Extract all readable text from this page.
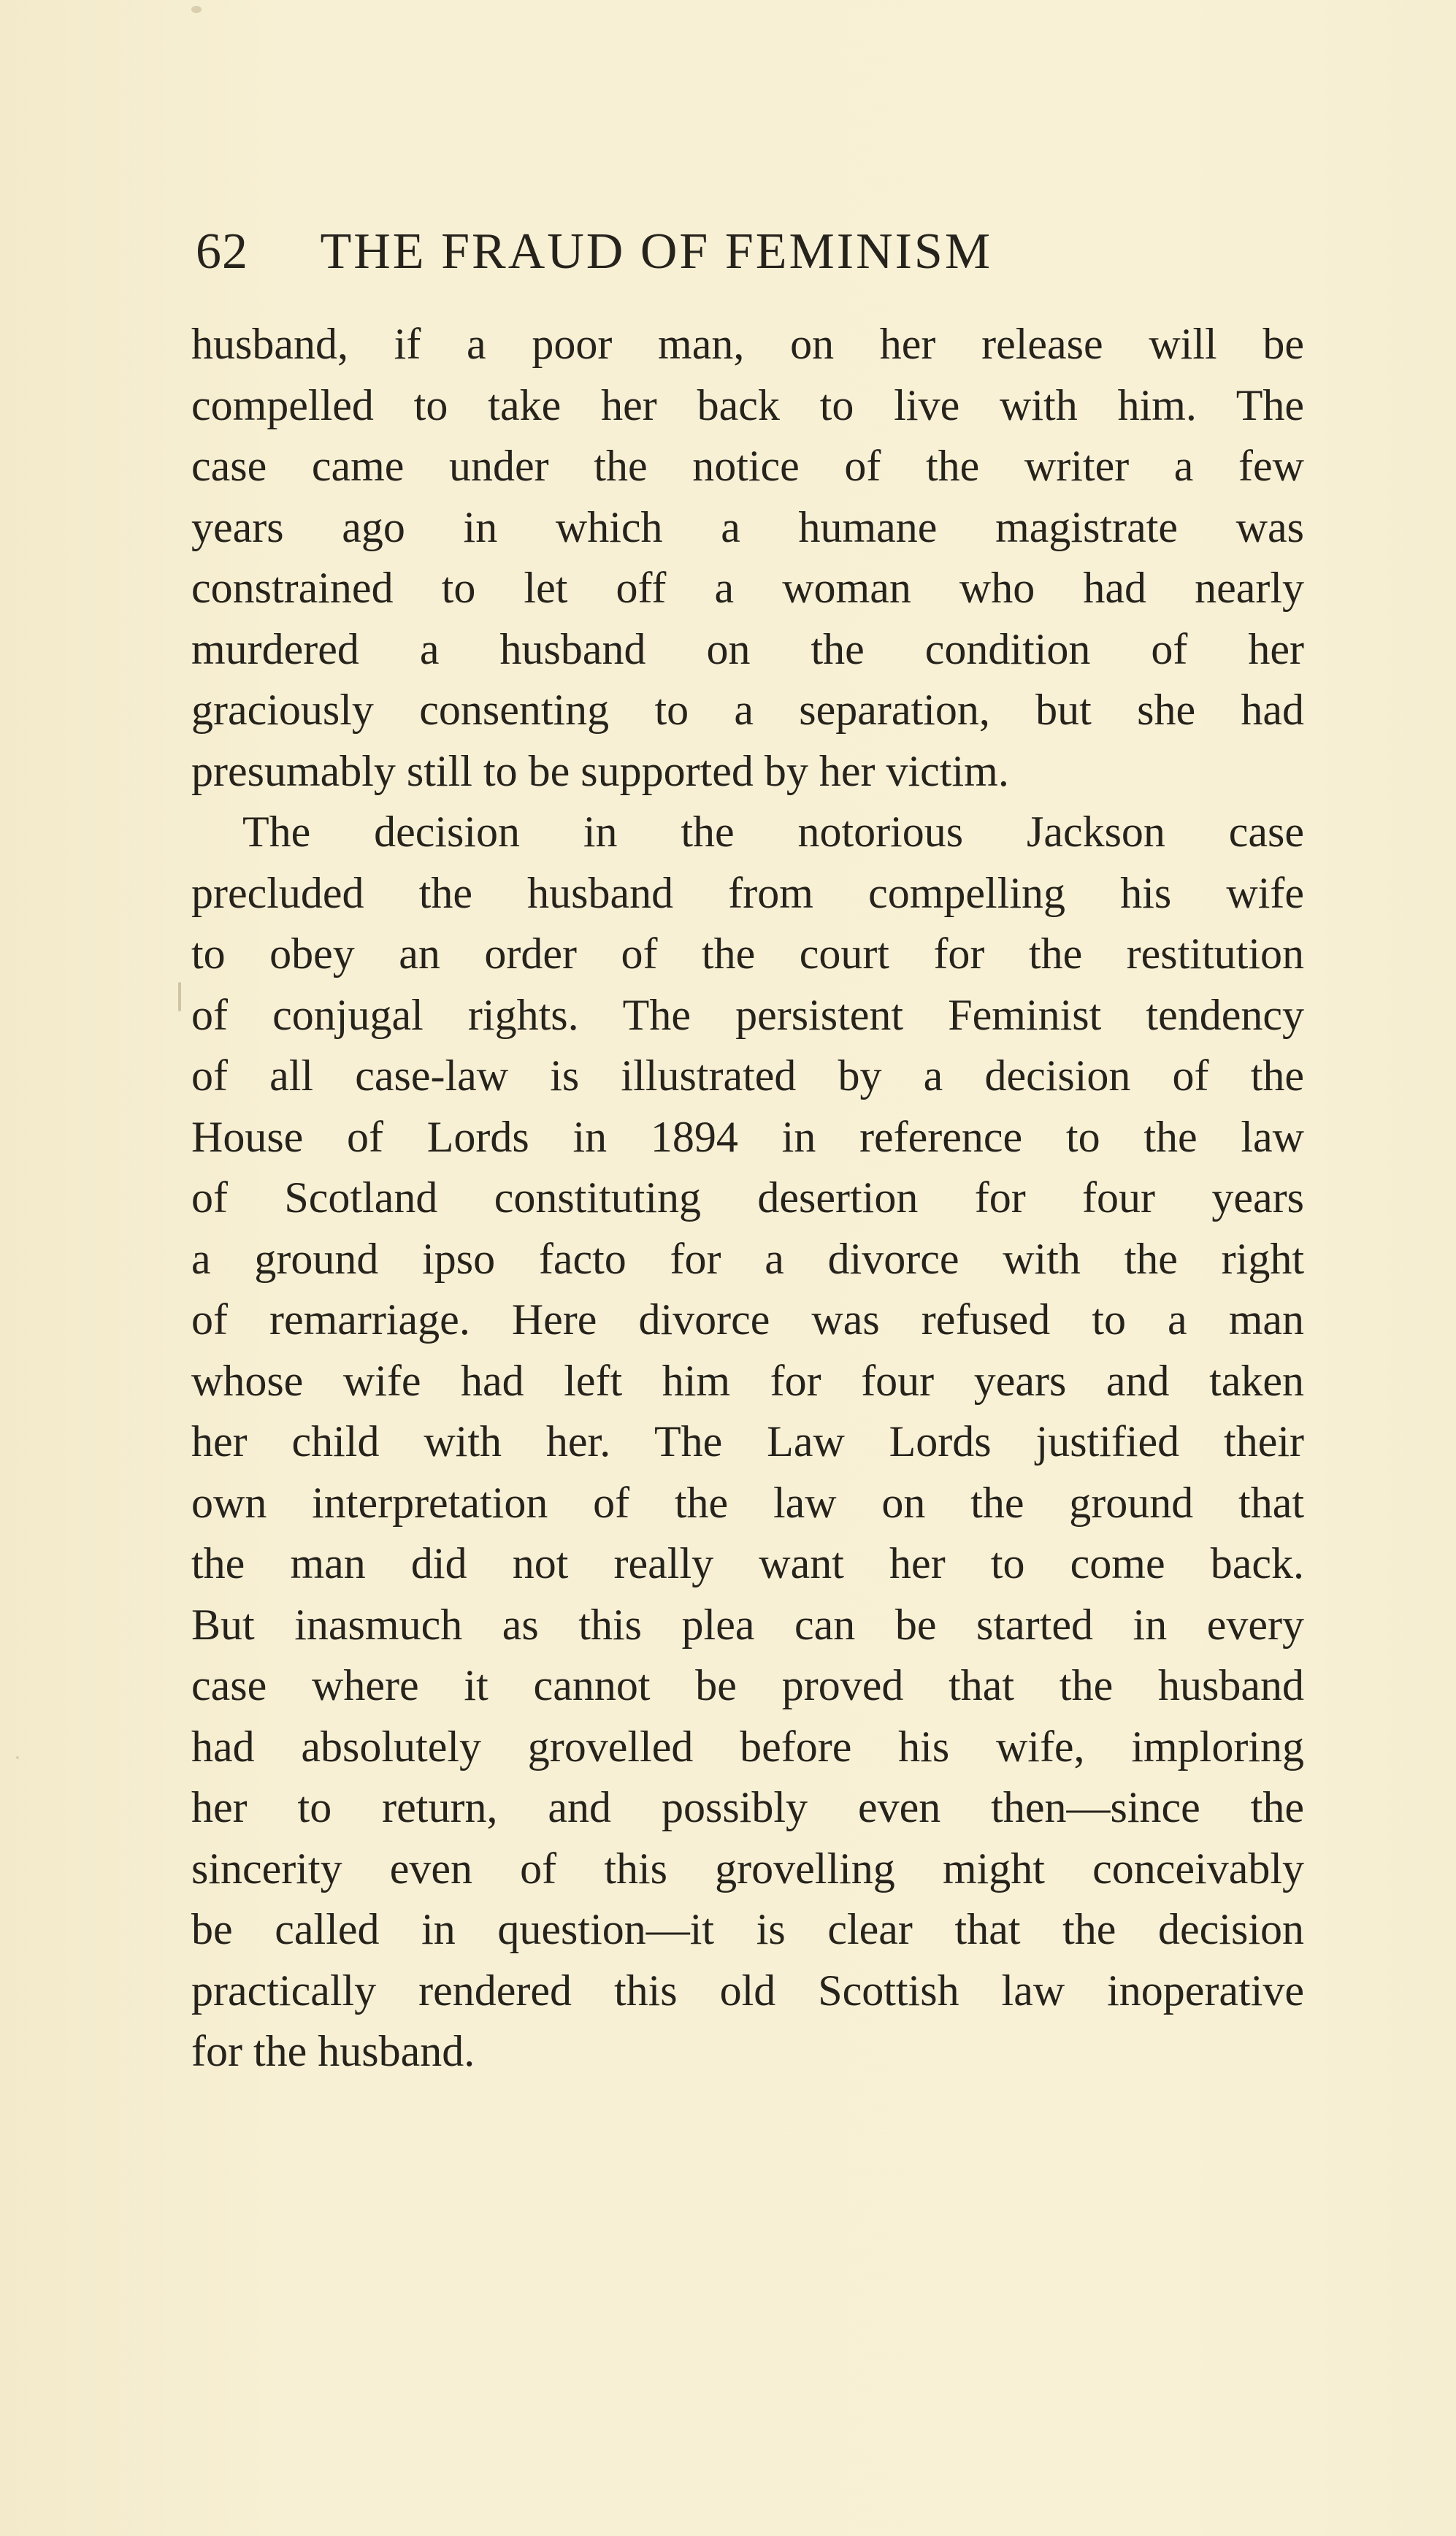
62 THE FRAUD OF FEMINISM
husband, if a poor man, on her release will be
compelled to take her back to live with him. The
case came under the notice of the writer a few
years ago in which a humane magistrate was
constrained to let off a woman who had nearly
murdered a husband on the condition of her
graciously consenting to a separation, but she had
presumably still to be supported by her victim.
The decision in the notorious Jackson case
precluded the husband from compelling his wife
to obey an order of the court for the restitution
of conjugal rights. The persistent Feminist tendency
of all case-law is illustrated by a decision of the
House of Lords in 1894 in reference to the law
of Scotland constituting desertion for four years
a ground ipso facto for a divorce with the right
of remarriage. Here divorce was refused to a man
whose wife had left him for four years and taken
her child with her. The Law Lords justified their
own interpretation of the law on the ground that
the man did not really want her to come back.
But inasmuch as this plea can be started in every
case where it cannot be proved that the husband
had absolutely grovelled before his wife, imploring
her to return, and possibly even then—since the
sincerity even of this grovelling might conceivably
be called in question—it is clear that the decision
practically rendered this old Scottish law inoperative
for the husband.
